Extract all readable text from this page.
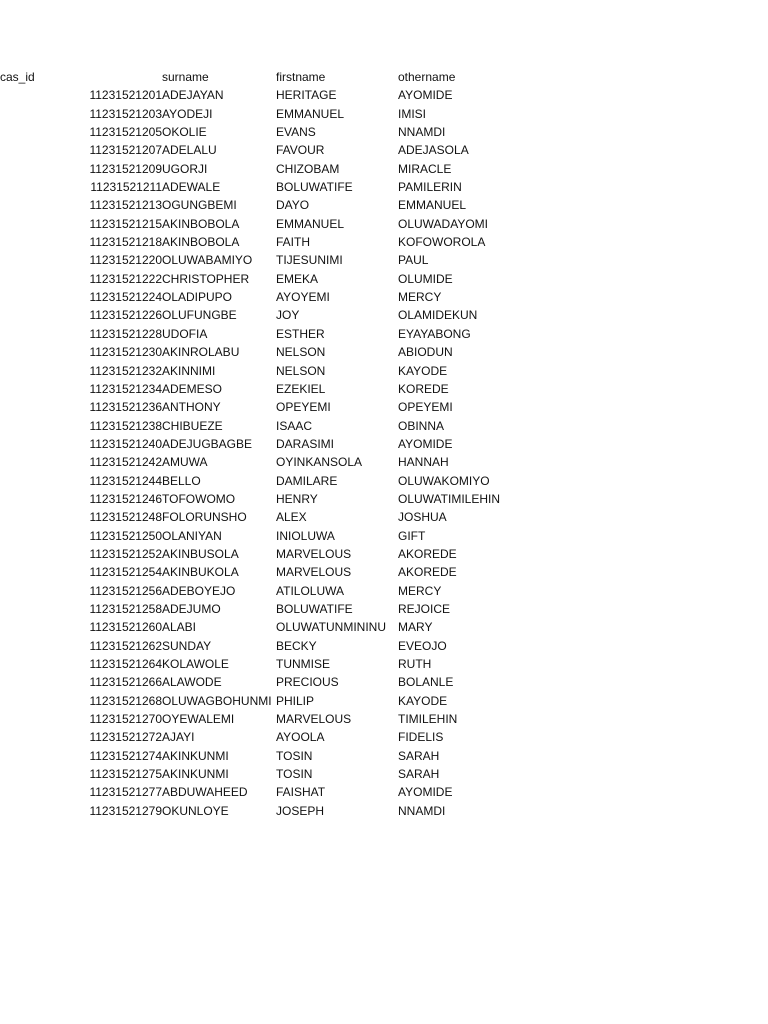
cas_id	surname	firstname	othername
11231521201	ADEJAYAN	HERITAGE	AYOMIDE
11231521203	AYODEJI	EMMANUEL	IMISI
11231521205	OKOLIE	EVANS	NNAMDI
11231521207	ADELALU	FAVOUR	ADEJASOLA
11231521209	UGORJI	CHIZOBAM	MIRACLE
11231521211	ADEWALE	BOLUWATIFE	PAMILERIN
11231521213	OGUNGBEMI	DAYO	EMMANUEL
11231521215	AKINBOBOLA	EMMANUEL	OLUWADAYOMI
11231521218	AKINBOBOLA	FAITH	KOFOWOROLA
11231521220	OLUWABAMIYO	TIJESUNIMI	PAUL
11231521222	CHRISTOPHER	EMEKA	OLUMIDE
11231521224	OLADIPUPO	AYOYEMI	MERCY
11231521226	OLUFUNGBE	JOY	OLAMIDEKUN
11231521228	UDOFIA	ESTHER	EYAYABONG
11231521230	AKINROLABU	NELSON	ABIODUN
11231521232	AKINNIMI	NELSON	KAYODE
11231521234	ADEMESO	EZEKIEL	KOREDE
11231521236	ANTHONY	OPEYEMI	OPEYEMI
11231521238	CHIBUEZE	ISAAC	OBINNA
11231521240	ADEJUGBAGBE	DARASIMI	AYOMIDE
11231521242	AMUWA	OYINKANSOLA	HANNAH
11231521244	BELLO	DAMILARE	OLUWAKOMIYO
11231521246	TOFOWOMO	HENRY	OLUWATIMILEHIN
11231521248	FOLORUNSHO	ALEX	JOSHUA
11231521250	OLANIYAN	INIOLUWA	GIFT
11231521252	AKINBUSOLA	MARVELOUS	AKOREDE
11231521254	AKINBUKOLA	MARVELOUS	AKOREDE
11231521256	ADEBOYEJO	ATILOLUWA	MERCY
11231521258	ADEJUMO	BOLUWATIFE	REJOICE
11231521260	ALABI	OLUWATUNMININU	MARY
11231521262	SUNDAY	BECKY	EVEOJO
11231521264	KOLAWOLE	TUNMISE	RUTH
11231521266	ALAWODE	PRECIOUS	BOLANLE
11231521268	OLUWAGBOHUNMI	PHILIP	KAYODE
11231521270	OYEWALEMI	MARVELOUS	TIMILEHIN
11231521272	AJAYI	AYOOLA	FIDELIS
11231521274	AKINKUNMI	TOSIN	SARAH
11231521275	AKINKUNMI	TOSIN	SARAH
11231521277	ABDUWAHEED	FAISHAT	AYOMIDE
11231521279	OKUNLOYE	JOSEPH	NNAMDI
